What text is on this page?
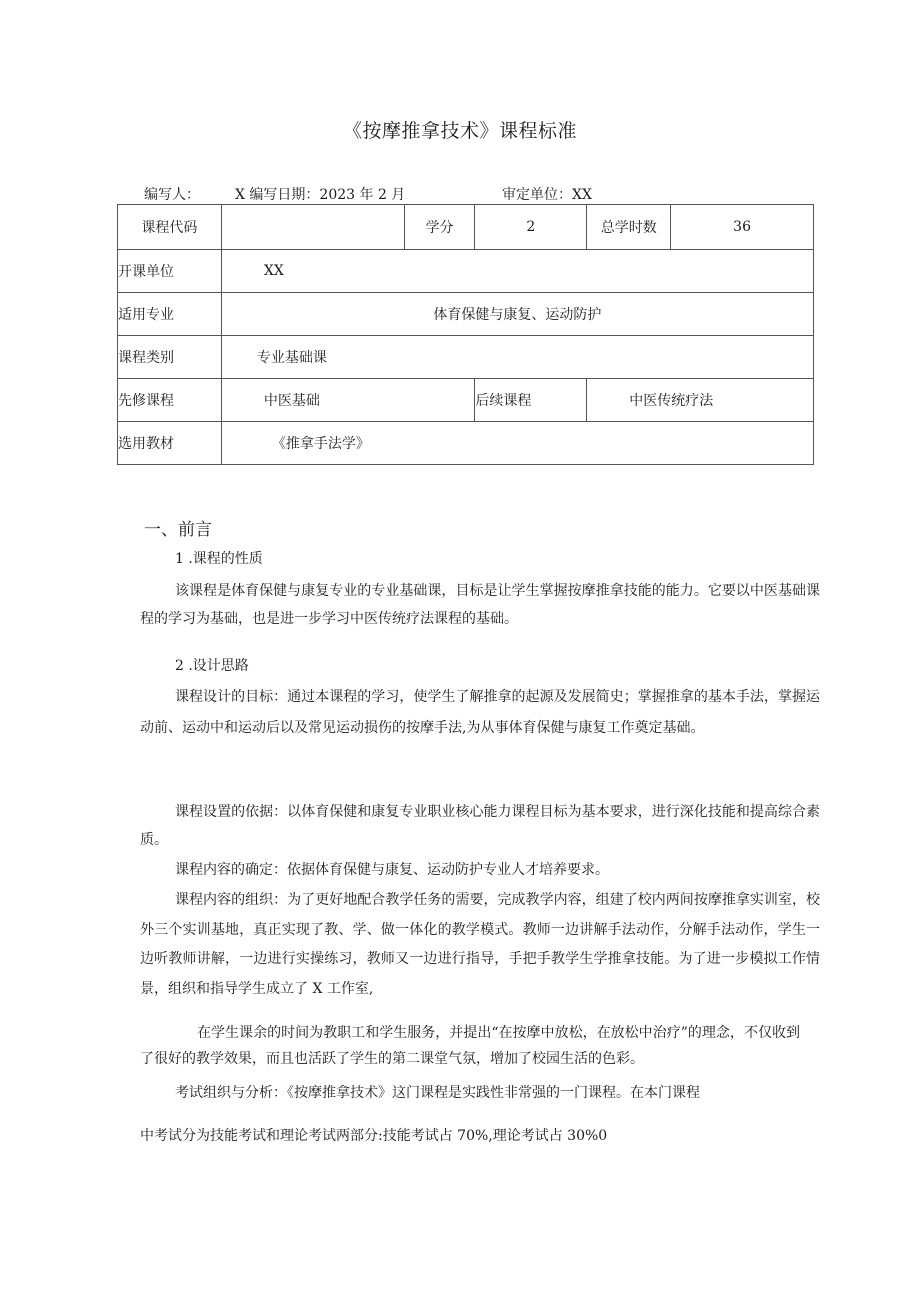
《按摩推拿技术》课程标准

编写人：

	X 编写日期：2023 年 2 月

	审定单位：XX

课程代码		学分	2	总学时数	36
开课单位	XX				
适用专业	体育保健与康复、运动防护				
课程类别	专业基础课				
先修课程	中医基础		后续课程	中医传统疗法	
选用教材	《推拿手法学》				
一、前言
1 .课程的性质

该课程是体育保健与康复专业的专业基础课，目标是让学生掌握按摩推拿技能的能力。它要以中医基础课程的学习为基础，也是进一步学习中医传统疗法课程的基础。

2 .设计思路

课程设计的目标：通过本课程的学习，使学生了解推拿的起源及发展简史；掌握推拿的基本手法，掌握运动前、运动中和运动后以及常见运动损伤的按摩手法,为从事体育保健与康复工作奠定基础。

课程设置的依据：以体育保健和康复专业职业核心能力课程目标为基本要求，进行深化技能和提高综合素质。

课程内容的确定：依据体育保健与康复、运动防护专业人才培养要求。

课程内容的组织：为了更好地配合教学任务的需要，完成教学内容，组建了校内两间按摩推拿实训室，校外三个实训基地，真正实现了教、学、做一体化的教学模式。教师一边讲解手法动作，分解手法动作，学生一边听教师讲解，一边进行实操练习，教师又一边进行指导，手把手教学生学推拿技能。为了进一步模拟工作情景，组织和指导学生成立了 X 工作室,

在学生课余的时间为教职工和学生服务，并提出“在按摩中放松，在放松中治疗”的理念，不仅收到了很好的教学效果，而且也活跃了学生的第二课堂气氛，增加了校园生活的色彩。

考试组织与分析：《按摩推拿技术》这门课程是实践性非常强的一门课程。在本门课程

中考试分为技能考试和理论考试两部分:技能考试占 70%,理论考试占 30%0
